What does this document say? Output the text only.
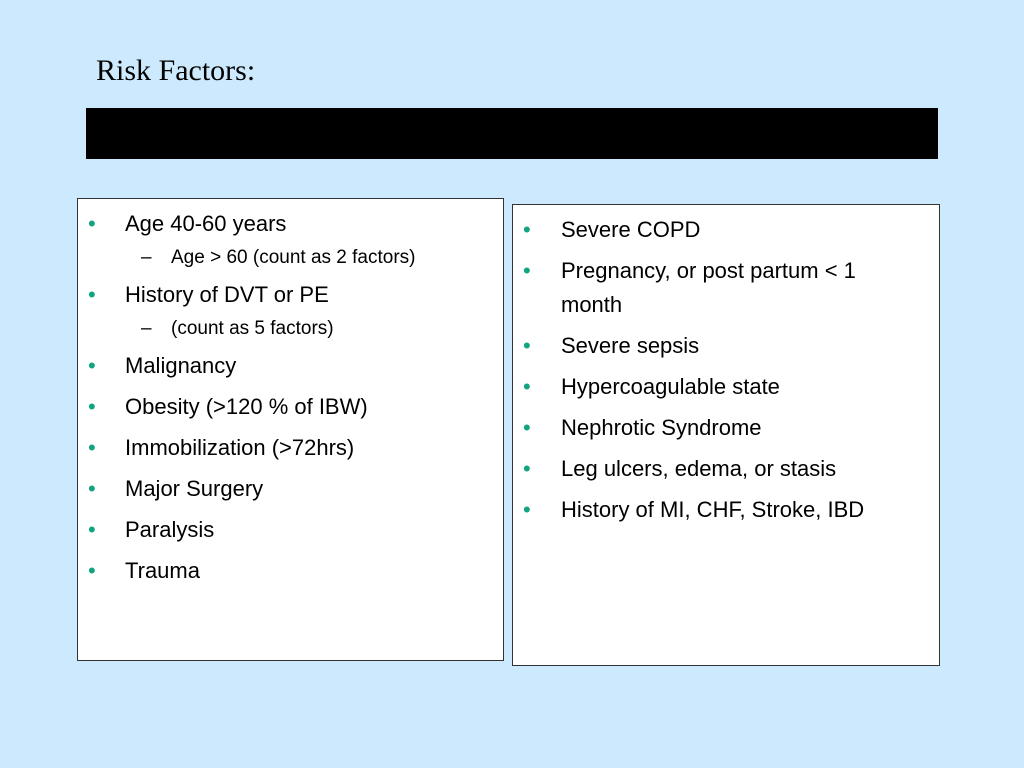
Risk Factors:
• Age 40-60 years
– Age > 60 (count as 2 factors)
• History of DVT or PE
– (count as 5 factors)
• Malignancy
• Obesity (>120 % of IBW)
• Immobilization (>72hrs)
• Major Surgery
• Paralysis
• Trauma
• Severe COPD
• Pregnancy, or post partum < 1 month
• Severe sepsis
• Hypercoagulable state
• Nephrotic Syndrome
• Leg ulcers, edema, or stasis
• History of MI, CHF, Stroke, IBD
